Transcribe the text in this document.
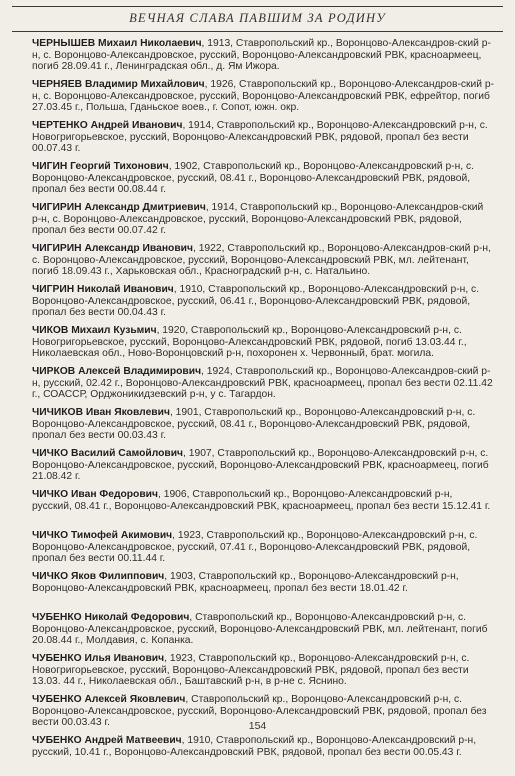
ВЕЧНАЯ СЛАВА ПАВШИМ ЗА РОДИНУ
ЧЕРНЫШЕВ Михаил Николаевич, 1913, Ставропольский кр., Воронцово-Александров-ский р-н, с. Воронцово-Александровское, русский, Воронцово-Александровский РВК, красноармеец, погиб 28.09.41 г., Ленинградская обл., д. Ям Ижора.
ЧЕРНЯЕВ Владимир Михайлович, 1926, Ставропольский кр., Воронцово-Александров-ский р-н, с. Воронцово-Александровское, русский, Воронцово-Александровский РВК, ефрейтор, погиб 27.03.45 г., Польша, Гданьское воев., г. Сопот, южн. окр.
ЧЕРТЕНКО Андрей Иванович, 1914, Ставропольский кр., Воронцово-Александровский р-н, с. Новогригорьевское, русский, Воронцово-Александровский РВК, рядовой, пропал без вести 00.07.43 г.
ЧИГИН Георгий Тихонович, 1902, Ставропольский кр., Воронцово-Александровский р-н, с. Воронцово-Александровское, русский, 08.41 г., Воронцово-Александровский РВК, рядовой, пропал без вести 00.08.44 г.
ЧИГИРИН Александр Дмитриевич, 1914, Ставропольский кр., Воронцово-Александров-ский р-н, с. Воронцово-Александровское, русский, Воронцово-Александровский РВК, рядовой, пропал без вести 00.07.42 г.
ЧИГИРИН Александр Иванович, 1922, Ставропольский кр., Воронцово-Александров-ский р-н, с. Воронцово-Александровское, русский, Воронцово-Александровский РВК, мл. лейтенант, погиб 18.09.43 г., Харьковская обл., Красноградский р-н, с. Натальино.
ЧИГРИН Николай Иванович, 1910, Ставропольский кр., Воронцово-Александровский р-н, с. Воронцово-Александровское, русский, 06.41 г., Воронцово-Александровский РВК, рядовой, пропал без вести 00.04.43 г.
ЧИКОВ Михаил Кузьмич, 1920, Ставропольский кр., Воронцово-Александровский р-н, с. Новогригорьевское, русский, Воронцово-Александровский РВК, рядовой, погиб 13.03.44 г., Николаевская обл., Ново-Воронцовский р-н, похоронен х. Червонный, брат. могила.
ЧИРКОВ Алексей Владимирович, 1924, Ставропольский кр., Воронцово-Александров-ский р-н, русский, 02.42 г., Воронцово-Александровский РВК, красноармеец, пропал без вести 02.11.42 г., СОАССР, Орджоникидзевский р-н, у с. Тагардон.
ЧИЧИКОВ Иван Яковлевич, 1901, Ставропольский кр., Воронцово-Александровский р-н, с. Воронцово-Александровское, русский, 08.41 г., Воронцово-Александровский РВК, рядовой, пропал без вести 00.03.43 г.
ЧИЧКО Василий Самойлович, 1907, Ставропольский кр., Воронцово-Александровский р-н, с. Воронцово-Александровское, русский, Воронцово-Александровский РВК, красноармеец, погиб 21.08.42 г.
ЧИЧКО Иван Федорович, 1906, Ставропольский кр., Воронцово-Александровский р-н, русский, 08.41 г., Воронцово-Александровский РВК, красноармеец, пропал без вести 15.12.41 г.
ЧИЧКО Тимофей Акимович, 1923, Ставропольский кр., Воронцово-Александровский р-н, с. Воронцово-Александровское, русский, 07.41 г., Воронцово-Александровский РВК, рядовой, пропал без вести 00.11.44 г.
ЧИЧКО Яков Филиппович, 1903, Ставропольский кр., Воронцово-Александровский р-н, Воронцово-Александровский РВК, красноармеец, пропал без вести 18.01.42 г.
ЧУБЕНКО Николай Федорович, Ставропольский кр., Воронцово-Александровский р-н, с. Воронцово-Александровское, русский, Воронцово-Александровский РВК, мл. лейтенант, погиб 20.08.44 г., Молдавия, с. Копанка.
ЧУБЕНКО Илья Иванович, 1923, Ставропольский кр., Воронцово-Александровский р-н, с. Новогригорьевское, русский, Воронцово-Александровский РВК, рядовой, пропал без вести 13.03. 44 г., Николаевская обл., Баштавский р-н, в р-не с. Яснино.
ЧУБЕНКО Алексей Яковлевич, Ставропольский кр., Воронцово-Александровский р-н, с. Воронцово-Александровское, русский, Воронцово-Александровский РВК, рядовой, пропал без вести 00.03.43 г.
ЧУБЕНКО Андрей Матвеевич, 1910, Ставропольский кр., Воронцово-Александровский р-н, русский, 10.41 г., Воронцово-Александровский РВК, рядовой, пропал без вести 00.05.43 г.
154
